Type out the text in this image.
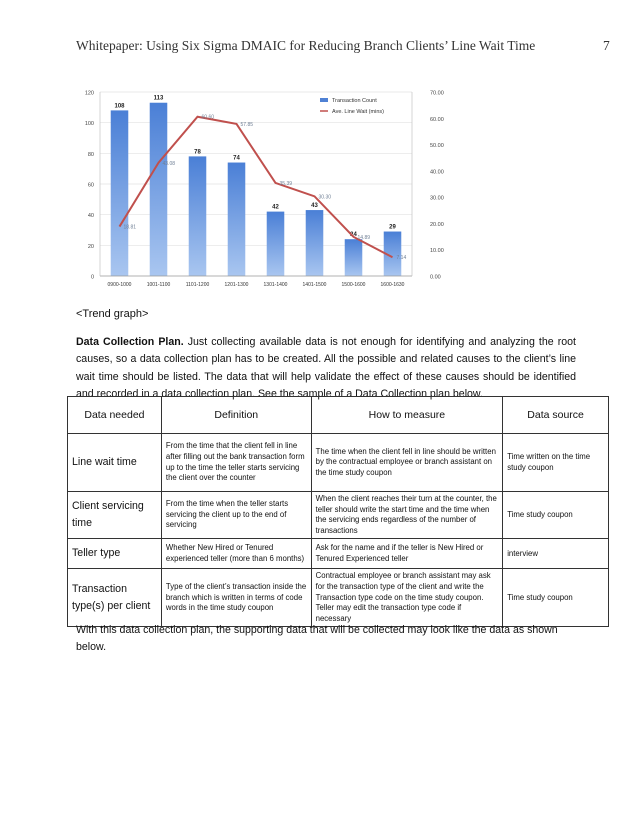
Whitepaper: Using Six Sigma DMAIC for Reducing Branch Clients’ Line Wait Time	7
108
113
78
74
42	43
24
29
18.81
43.08
60.60
57.85
35.39
30.30
14.89
7.14
0
20
40
60
80
100
120
0.00
10.00
20.00
30.00
40.00
50.00
60.00
70.00
0900-1000	1001-1100	1101-1200	1201-1300	1301-1400	1401-1500	1500-1600	1600-1630
Transaction Count
Ave. Line Wait (mins)
<Trend graph>
Data Collection Plan. Just collecting available data is not enough for identifying and analyzing the root causes, so a data collection plan has to be created. All the possible and related causes to the client’s line wait time should be listed. The data that will help validate the effect of these causes should be identified and recorded in a data collection plan. See the sample of a Data Collection plan below.
Data needed	Definition	How to measure	Data source
Line wait time	From the time that the client fell in line after filling out the bank transaction form up to the time the teller starts servicing the client over the counter	The time when the client fell in line should be written by the contractual employee or branch assistant on the time study coupon	Time written on the time study coupon
Client servicing time	From the time when the teller starts servicing the client up to the end of servicing	When the client reaches their turn at the counter, the teller should write the start time and the time when the servicing ends regardless of the number of transactions	Time study coupon
Teller type	Whether New Hired or Tenured experienced teller (more than 6 months)	Ask for the name and if the teller is New Hired or Tenured Experienced teller	interview
Transaction type(s) per client	Type of the client’s transaction inside the branch which is written in terms of code words in the time study coupon	Contractual employee or branch assistant may ask for the transaction type of the client and write the Transaction type code on the time study coupon. Teller may edit the transaction type code if necessary	Time study coupon
With this data collection plan, the supporting data that will be collected may look like the data as shown below.
